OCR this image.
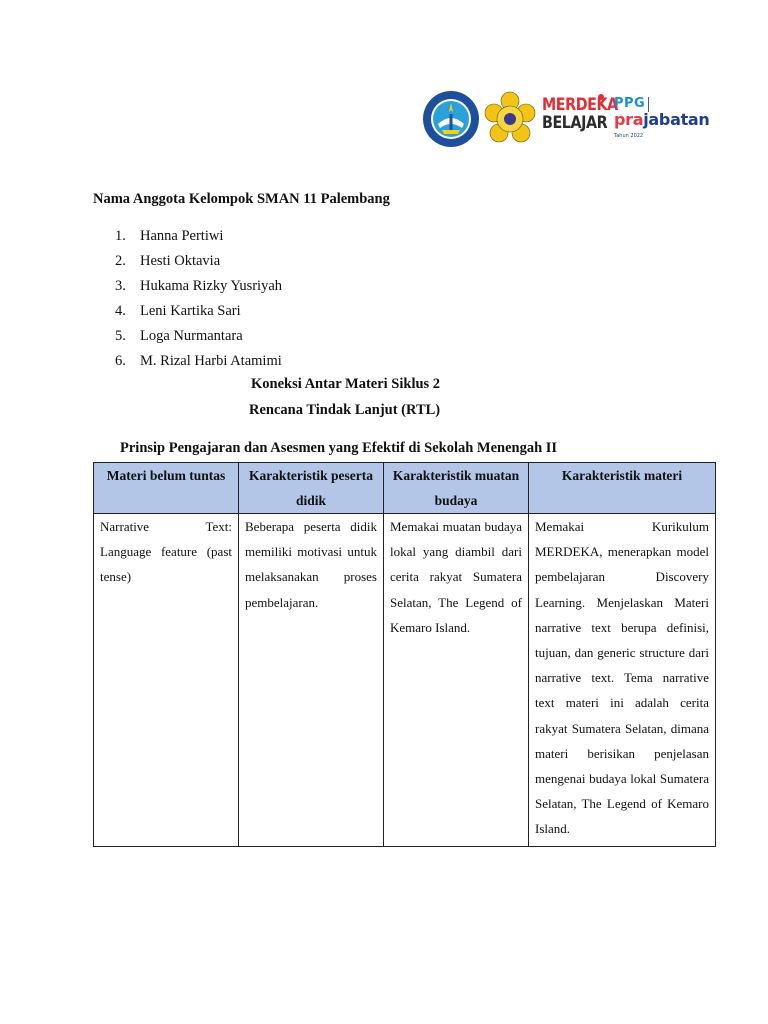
MERDEKA
BELAJAR
PPG

prajabatan
Tahun 2022
Nama Anggota Kelompok SMAN 11 Palembang
1. Hanna Pertiwi
2. Hesti Oktavia
3. Hukama Rizky Yusriyah
4. Leni Kartika Sari
5. Loga Nurmantara
6. M. Rizal Harbi Atamimi
Koneksi Antar Materi Siklus 2
Rencana Tindak Lanjut (RTL)
Prinsip Pengajaran dan Asesmen yang Efektif di Sekolah Menengah II
Materi belum tuntas	Karakteristik peserta didik	Karakteristik muatan budaya	Karakteristik materi
Narrative Text: Language feature (past tense)	Beberapa peserta didik memiliki motivasi untuk melaksanakan proses pembelajaran.	Memakai muatan budaya lokal yang diambil dari cerita rakyat Sumatera Selatan, The Legend of Kemaro Island.	Memakai Kurikulum MERDEKA, menerapkan model pembelajaran Discovery Learning. Menjelaskan Materi narrative text berupa definisi, tujuan, dan generic structure dari narrative text. Tema narrative text materi ini adalah cerita rakyat Sumatera Selatan, dimana materi berisikan penjelasan mengenai budaya lokal Sumatera Selatan, The Legend of Kemaro Island.
